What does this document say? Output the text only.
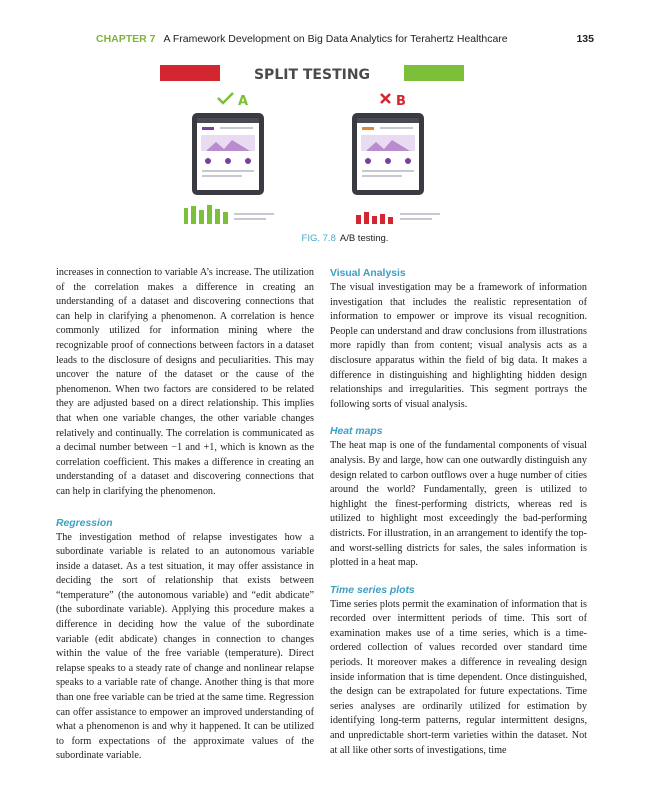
CHAPTER 7 A Framework Development on Big Data Analytics for Terahertz Healthcare	135
SPLIT TESTING
A	B
FIG. 7.8 A/B testing.

increases in connection to variable A’s increase. The utilization of the correlation makes a difference in creating an understanding of a dataset and discovering connections that can help in clarifying a phenomenon. A correlation is hence commonly utilized for information mining where the recognizable proof of connections between factors in a dataset leads to the disclosure of designs and peculiarities. This may uncover the nature of the dataset or the cause of the phenomenon. When two factors are considered to be related they are adjusted based on a direct relationship. This implies that when one variable changes, the other variable changes relatively and continually. The correlation is communicated as a decimal number between −1 and +1, which is known as the correlation coefficient. This makes a difference in creating an understanding of a dataset and discovering connections that can help in clarifying the phenomenon.

Regression

The investigation method of relapse investigates how a subordinate variable is related to an autonomous variable inside a dataset. As a test situation, it may offer assistance in deciding the sort of relationship that exists between “temperature” (the autonomous variable) and “edit abdicate” (the subordinate variable). Applying this procedure makes a difference in deciding how the value of the subordinate variable (edit abdicate) changes in connection to changes within the value of the free variable (temperature). Direct relapse speaks to a steady rate of change and nonlinear relapse speaks to a variable rate of change. Another thing is that more than one free variable can be tried at the same time. Regression can offer assistance to empower an improved understanding of what a phenomenon is and why it happened. It can be utilized to form expectations of the approximate values of the subordinate variable.

Visual Analysis

The visual investigation may be a framework of information investigation that includes the realistic representation of information to empower or improve its visual recognition. People can understand and draw conclusions from illustrations more rapidly than from content; visual analysis acts as a disclosure apparatus within the field of big data. It makes a difference in distinguishing and highlighting hidden design relationships and irregularities. This segment portrays the following sorts of visual analysis.

Heat maps

The heat map is one of the fundamental components of visual analysis. By and large, how can one outwardly distinguish any design related to carbon outflows over a huge number of cities around the world? Fundamentally, green is utilized to highlight the finest-performing districts, whereas red is utilized to highlight most exceedingly the bad-performing districts. For illustration, in an arrangement to identify the top- and worst-selling districts for sales, the sales information is plotted in a heat map.

Time series plots

Time series plots permit the examination of information that is recorded over intermittent periods of time. This sort of examination makes use of a time series, which is a time-ordered collection of values recorded over standard time periods. It moreover makes a difference in revealing design inside information that is time dependent. Once distinguished, the design can be extrapolated for future expectations. Time series analyses are ordinarily utilized for estimation by identifying long-term patterns, regular intermittent designs, and unpredictable short-term varieties within the dataset. Not at all like other sorts of investigations, time
